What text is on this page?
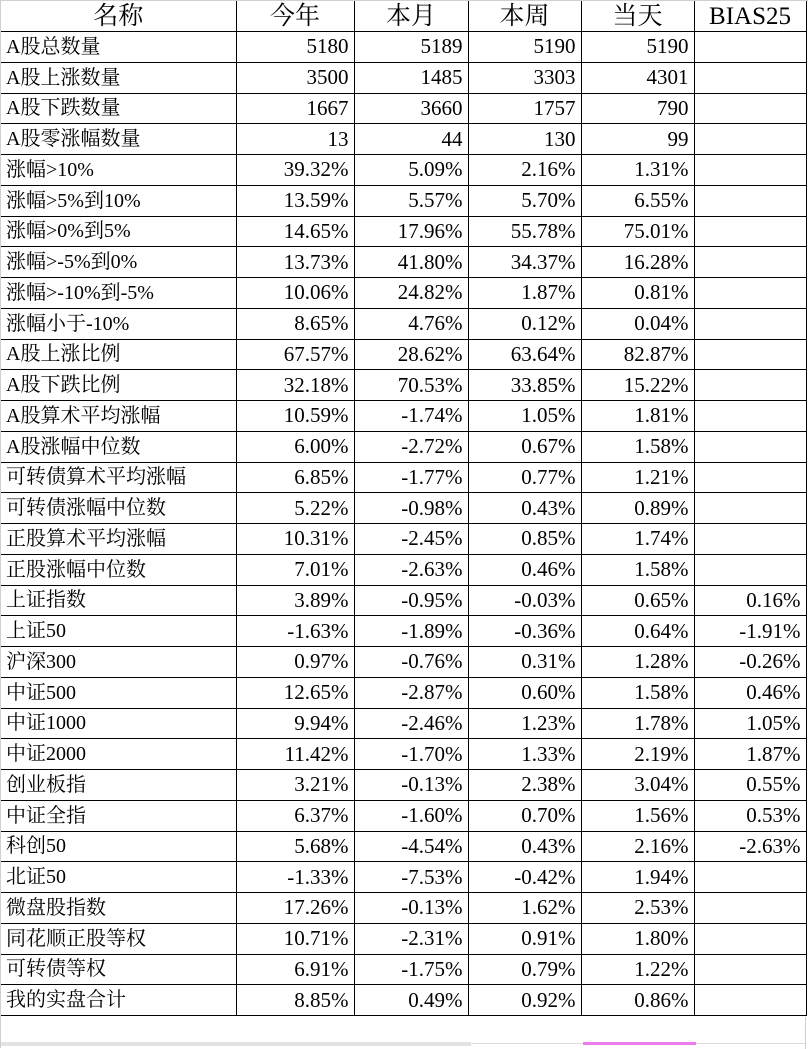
名称	今年	本月	本周	当天	BIAS25
A股总数量	5180	5189	5190	5190	
A股上涨数量	3500	1485	3303	4301	
A股下跌数量	1667	3660	1757	790	
A股零涨幅数量	13	44	130	99	
涨幅>10%	39.32%	5.09%	2.16%	1.31%	
涨幅>5%到10%	13.59%	5.57%	5.70%	6.55%	
涨幅>0%到5%	14.65%	17.96%	55.78%	75.01%	
涨幅>-5%到0%	13.73%	41.80%	34.37%	16.28%	
涨幅>-10%到-5%	10.06%	24.82%	1.87%	0.81%	
涨幅小于-10%	8.65%	4.76%	0.12%	0.04%	
A股上涨比例	67.57%	28.62%	63.64%	82.87%	
A股下跌比例	32.18%	70.53%	33.85%	15.22%	
A股算术平均涨幅	10.59%	-1.74%	1.05%	1.81%	
A股涨幅中位数	6.00%	-2.72%	0.67%	1.58%	
可转债算术平均涨幅	6.85%	-1.77%	0.77%	1.21%	
可转债涨幅中位数	5.22%	-0.98%	0.43%	0.89%	
正股算术平均涨幅	10.31%	-2.45%	0.85%	1.74%	
正股涨幅中位数	7.01%	-2.63%	0.46%	1.58%	
上证指数	3.89%	-0.95%	-0.03%	0.65%	0.16%
上证50	-1.63%	-1.89%	-0.36%	0.64%	-1.91%
沪深300	0.97%	-0.76%	0.31%	1.28%	-0.26%
中证500	12.65%	-2.87%	0.60%	1.58%	0.46%
中证1000	9.94%	-2.46%	1.23%	1.78%	1.05%
中证2000	11.42%	-1.70%	1.33%	2.19%	1.87%
创业板指	3.21%	-0.13%	2.38%	3.04%	0.55%
中证全指	6.37%	-1.60%	0.70%	1.56%	0.53%
科创50	5.68%	-4.54%	0.43%	2.16%	-2.63%
北证50	-1.33%	-7.53%	-0.42%	1.94%	
微盘股指数	17.26%	-0.13%	1.62%	2.53%	
同花顺正股等权	10.71%	-2.31%	0.91%	1.80%	
可转债等权	6.91%	-1.75%	0.79%	1.22%	
我的实盘合计	8.85%	0.49%	0.92%	0.86%	
